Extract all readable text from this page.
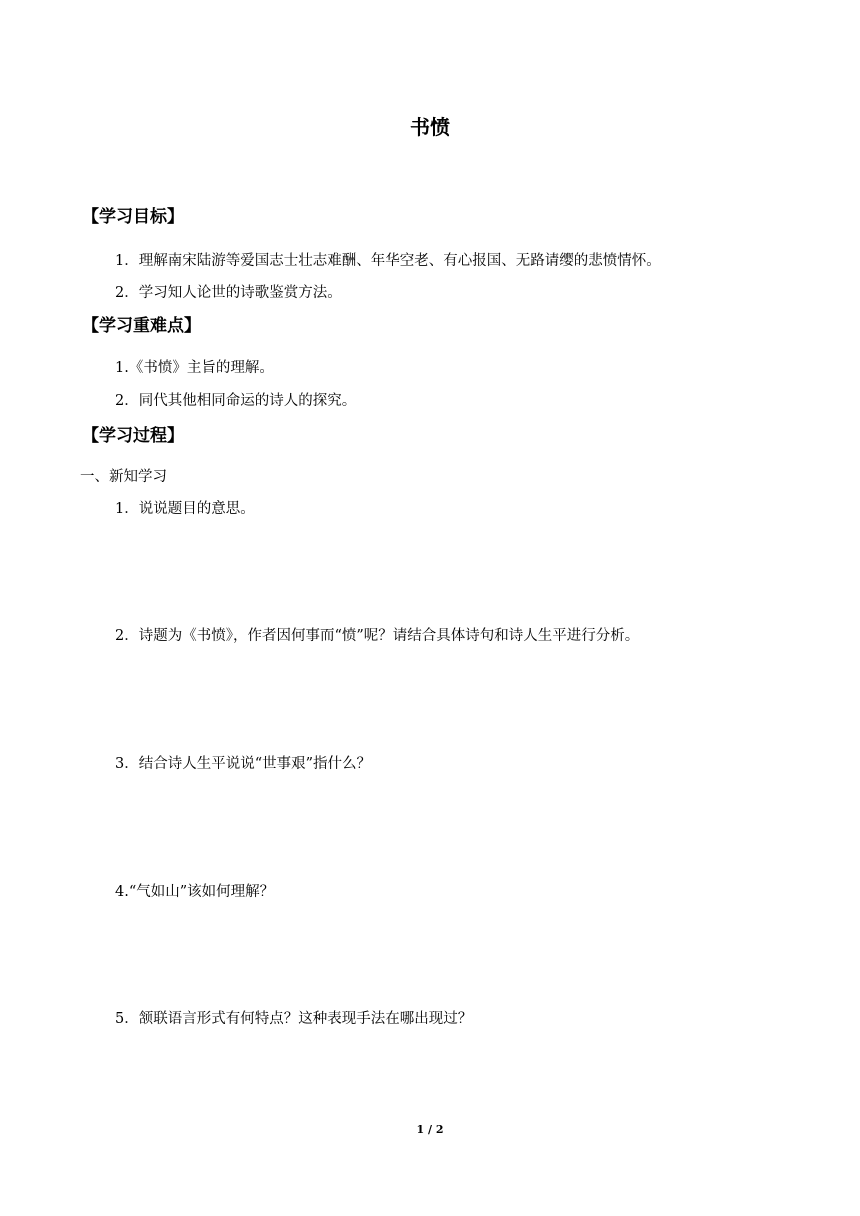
书愤
【学习目标】
1．理解南宋陆游等爱国志士壮志难酬、年华空老、有心报国、无路请缨的悲愤情怀。
2．学习知人论世的诗歌鉴赏方法。
【学习重难点】
1.《书愤》主旨的理解。
2．同代其他相同命运的诗人的探究。
【学习过程】
一、新知学习
1．说说题目的意思。
2．诗题为《书愤》，作者因何事而“愤”呢？请结合具体诗句和诗人生平进行分析。
3．结合诗人生平说说“世事艰”指什么？
4.“气如山”该如何理解？
5．颔联语言形式有何特点？这种表现手法在哪出现过？
1 / 2
